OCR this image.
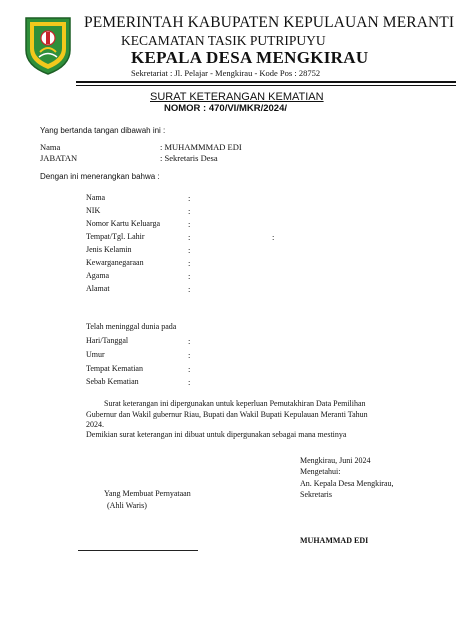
PEMERINTAH KABUPATEN KEPULAUAN MERANTI
KECAMATAN TASIK PUTRIPUYU
KEPALA DESA MENGKIRAU
Sekretariat : Jl. Pelajar - Mengkirau - Kode Pos : 28752
SURAT KETERANGAN KEMATIAN
NOMOR : 470/VI/MKR/2024/
Yang bertanda tangan dibawah ini :
Nama	: MUHAMMMAD EDI
JABATAN	: Sekretaris Desa
Dengan ini menerangkan bahwa :
Nama	:
NIK	:
Nomor Kartu Keluarga	:
Tempat/Tgl. Lahir	:	:
Jenis Kelamin	:
Kewarganegaraan	:
Agama	:
Alamat	:
Telah meninggal dunia pada
Hari/Tanggal	:
Umur	:
Tempat Kematian	:
Sebab Kematian	:
Surat keterangan ini dipergunakan untuk keperluan Pemutakhiran Data Pemilihan
Gubernur dan Wakil gubernur Riau, Bupati dan Wakil Bupati Kepulauan Meranti Tahun
2024.
Demikian surat keterangan ini dibuat untuk dipergunakan sebagai mana mestinya
Mengkirau, Juni 2024
Mengetahui:
An. Kepala Desa Mengkirau,
Sekretaris
MUHAMMAD EDI
Yang Membuat Pernyataan
(Ahli Waris)
